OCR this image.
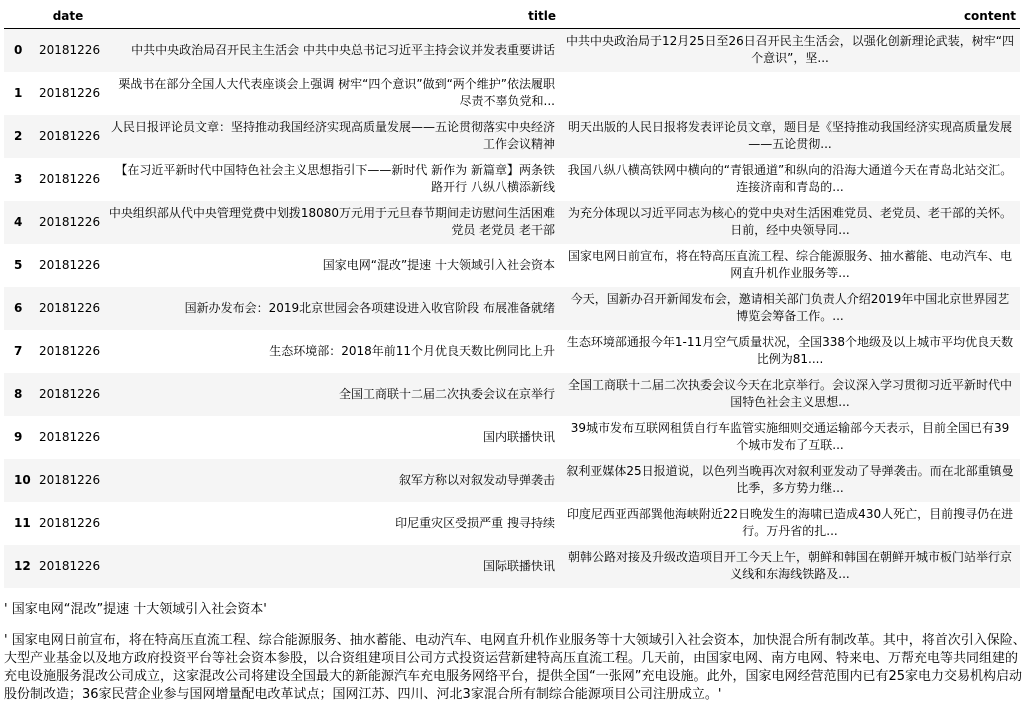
	date	title	content
0	20181226	中共中央政治局召开民主生活会 中共中央总书记习近平主持会议并发表重要讲话	中共中央政治局于12月25日至26日召开民主生活会，以强化创新理论武装，树牢“四个意识”，坚...
1	20181226	栗战书在部分全国人大代表座谈会上强调 树牢“四个意识”做到“两个维护”依法履职尽责不辜负党和...	
2	20181226	人民日报评论员文章：坚持推动我国经济实现高质量发展——五论贯彻落实中央经济工作会议精神	明天出版的人民日报将发表评论员文章，题目是《坚持推动我国经济实现高质量发展——五论贯彻...
3	20181226	【在习近平新时代中国特色社会主义思想指引下——新时代 新作为 新篇章】两条铁路开行 八纵八横添新线	我国八纵八横高铁网中横向的“青银通道”和纵向的沿海大通道今天在青岛北站交汇。连接济南和青岛的...
4	20181226	中央组织部从代中央管理党费中划拨18080万元用于元旦春节期间走访慰问生活困难党员 老党员 老干部	为充分体现以习近平同志为核心的党中央对生活困难党员、老党员、老干部的关怀。日前，经中央领导同...
5	20181226	国家电网“混改”提速 十大领域引入社会资本	国家电网日前宣布，将在特高压直流工程、综合能源服务、抽水蓄能、电动汽车、电网直升机作业服务等...
6	20181226	国新办发布会：2019北京世园会各项建设进入收官阶段 布展准备就绪	今天，国新办召开新闻发布会，邀请相关部门负责人介绍2019年中国北京世界园艺博览会筹备工作。...
7	20181226	生态环境部：2018年前11个月优良天数比例同比上升	生态环境部通报今年1-11月空气质量状况，全国338个地级及以上城市平均优良天数比例为81....
8	20181226	全国工商联十二届二次执委会议在京举行	全国工商联十二届二次执委会议今天在北京举行。会议深入学习贯彻习近平新时代中国特色社会主义思想...
9	20181226	国内联播快讯	39城市发布互联网租赁自行车监管实施细则交通运输部今天表示，目前全国已有39个城市发布了互联...
10	20181226	叙军方称以对叙发动导弹袭击	叙利亚媒体25日报道说，以色列当晚再次对叙利亚发动了导弹袭击。而在北部重镇曼比季，多方势力继...
11	20181226	印尼重灾区受损严重 搜寻持续	印度尼西亚西部巽他海峡附近22日晚发生的海啸已造成430人死亡，目前搜寻仍在进行。万丹省的扎...
12	20181226	国际联播快讯	朝韩公路对接及升级改造项目开工今天上午，朝鲜和韩国在朝鲜开城市板门站举行京义线和东海线铁路及...
' 国家电网“混改”提速 十大领域引入社会资本'
' 国家电网日前宣布，将在特高压直流工程、综合能源服务、抽水蓄能、电动汽车、电网直升机作业服务等十大领域引入社会资本，加快混合所有制改革。其中，将首次引入保险、大型产业基金以及地方政府投资平台等社会资本参股，以合资组建项目公司方式投资运营新建特高压直流工程。几天前，由国家电网、南方电网、特来电、万帮充电等共同组建的充电设施服务混改公司成立，这家混改公司将建设全国最大的新能源汽车充电服务网络平台，提供全国“一张网”充电设施。此外，国家电网经营范围内已有25家电力交易机构启动股份制改造；36家民营企业参与国网增量配电改革试点；国网江苏、四川、河北3家混合所有制综合能源项目公司注册成立。'
